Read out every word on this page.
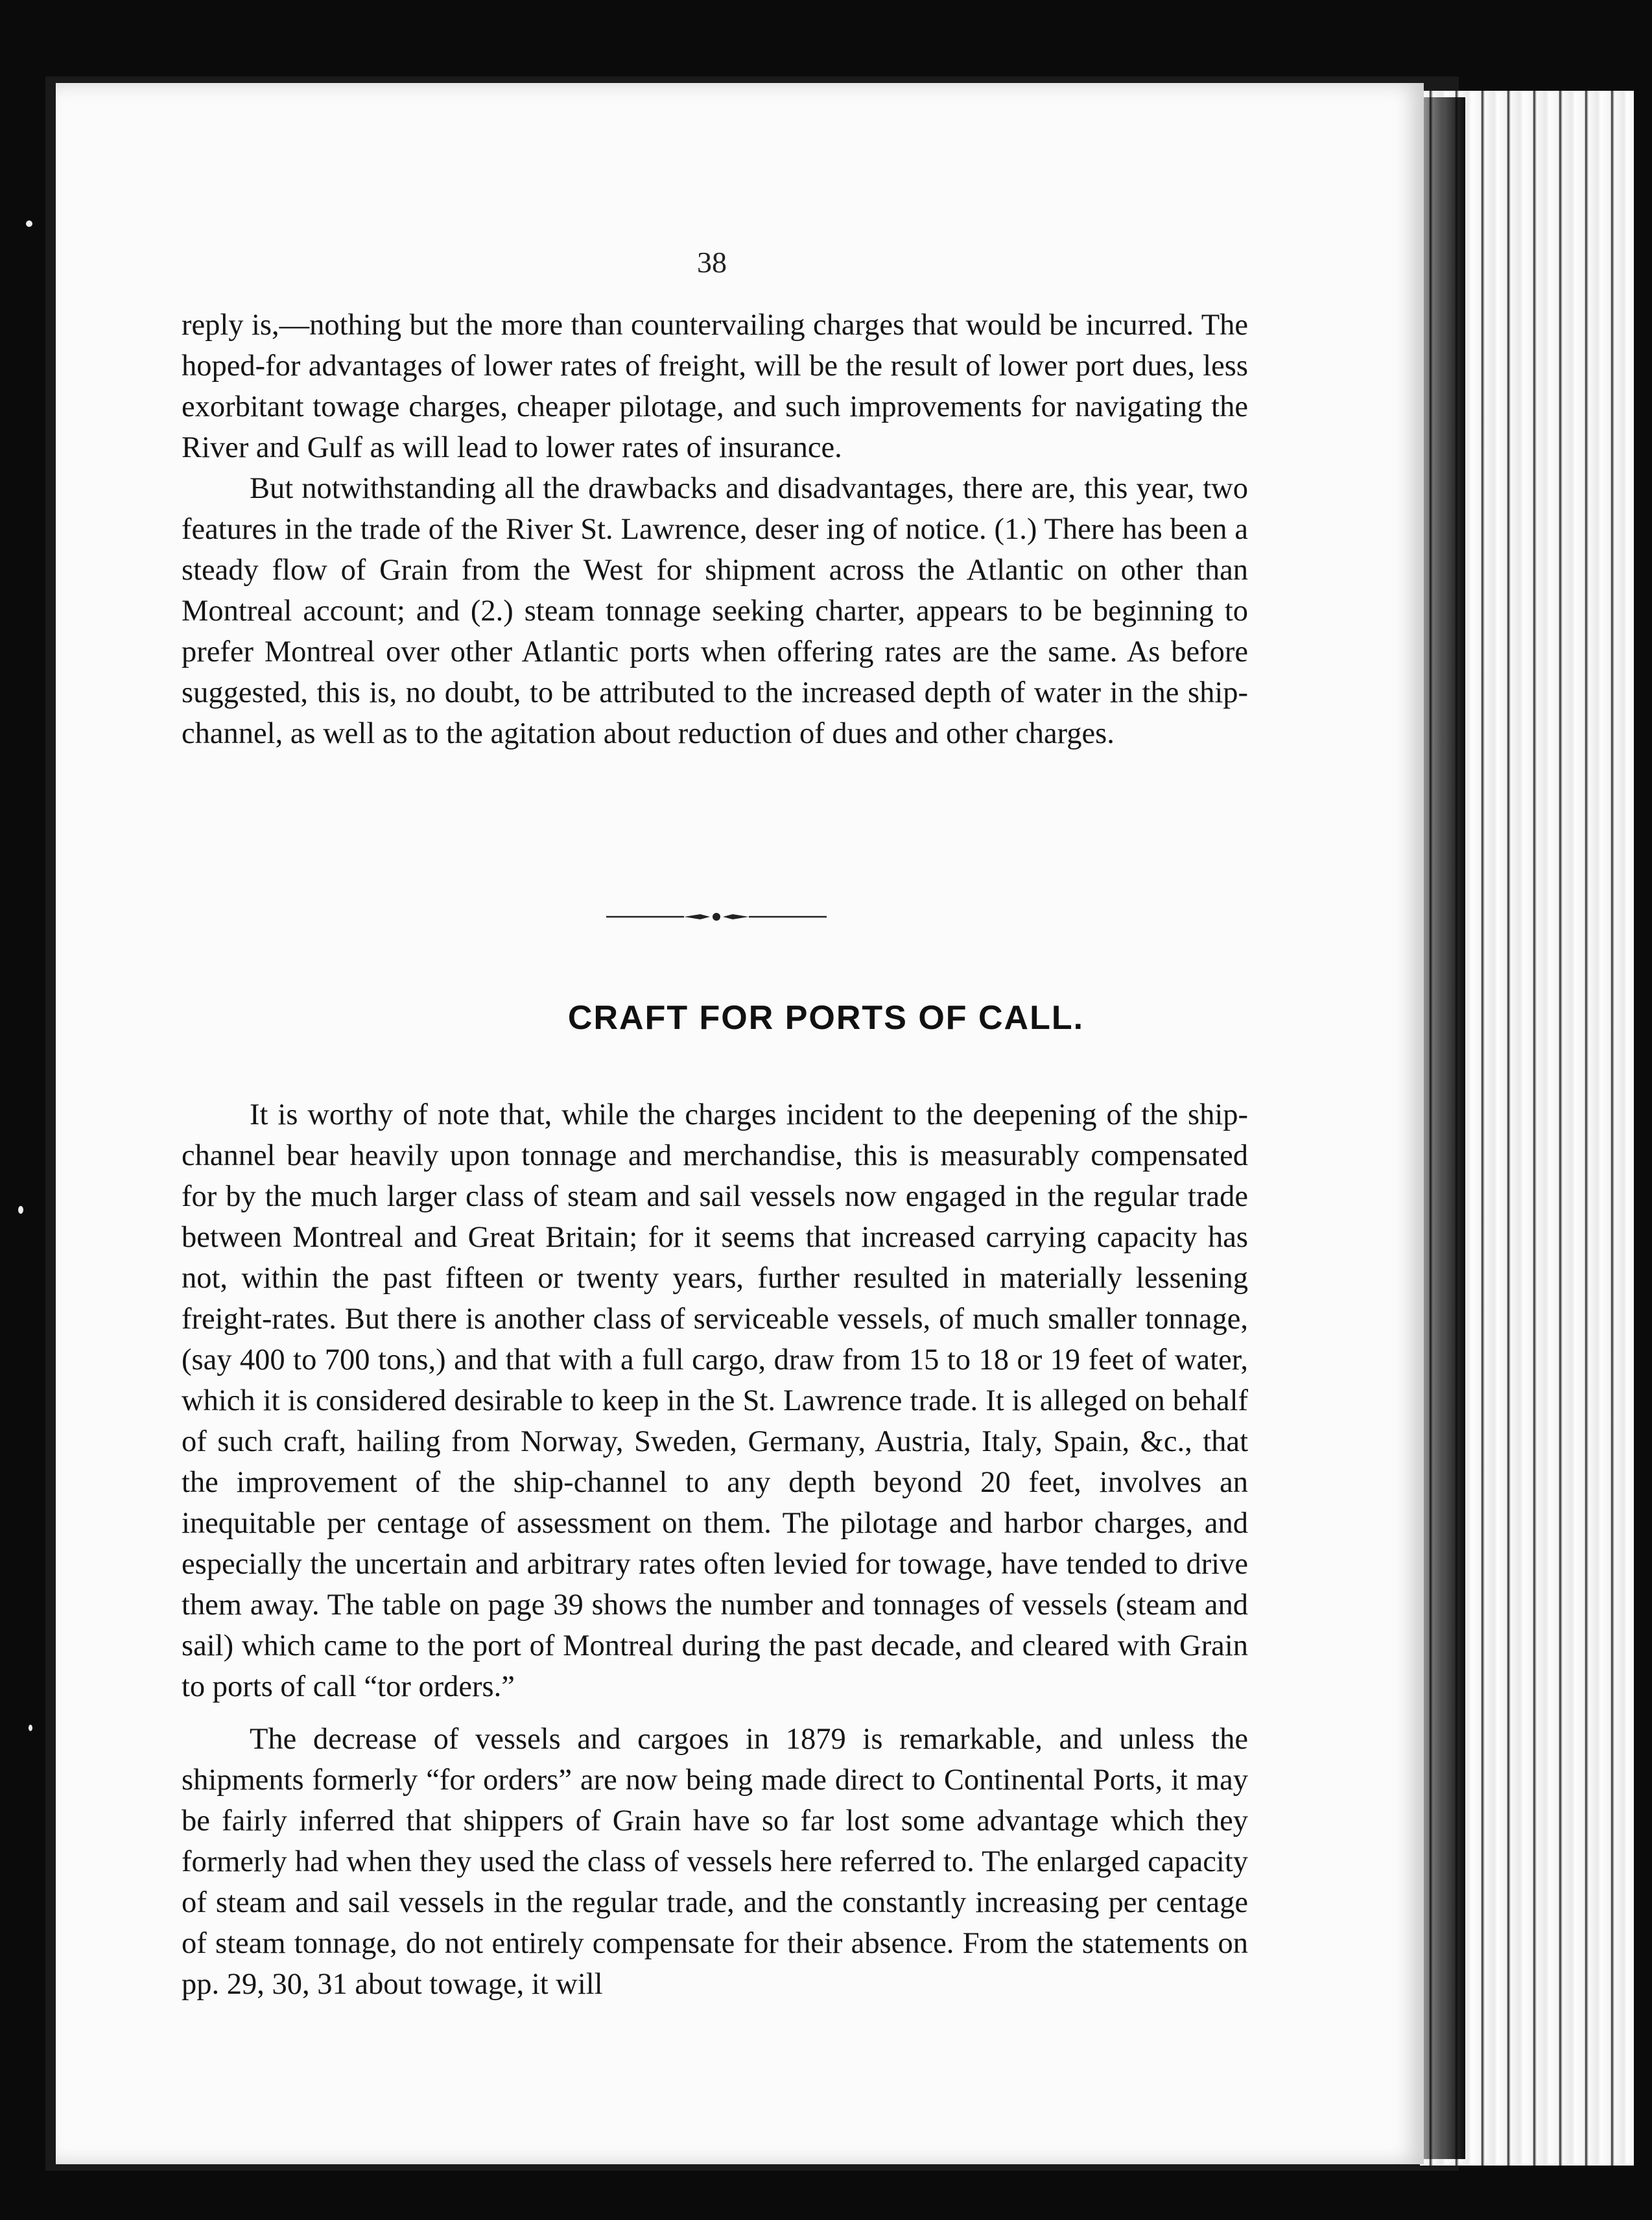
38

reply is,—nothing but the more than countervailing charges that would be incurred. The hoped-for advantages of lower rates of freight, will be the result of lower port dues, less exorbitant towage charges, cheaper pilotage, and such improvements for navigating the River and Gulf as will lead to lower rates of insurance.

But notwithstanding all the drawbacks and disadvantages, there are, this year, two features in the trade of the River St. Lawrence, deser ing of notice. (1.) There has been a steady flow of Grain from the West for shipment across the Atlantic on other than Montreal account; and (2.) steam tonnage seeking charter, appears to be beginning to prefer Montreal over other Atlantic ports when offering rates are the same. As before suggested, this is, no doubt, to be attributed to the increased depth of water in the ship-channel, as well as to the agitation about reduction of dues and other charges.

CRAFT FOR PORTS OF CALL.

It is worthy of note that, while the charges incident to the deepening of the ship-channel bear heavily upon tonnage and merchandise, this is measurably compensated for by the much larger class of steam and sail vessels now engaged in the regular trade between Montreal and Great Britain; for it seems that increased carrying capacity has not, within the past fifteen or twenty years, further resulted in materially lessening freight-rates. But there is another class of serviceable vessels, of much smaller tonnage, (say 400 to 700 tons,) and that with a full cargo, draw from 15 to 18 or 19 feet of water, which it is considered desirable to keep in the St. Lawrence trade. It is alleged on behalf of such craft, hailing from Norway, Sweden, Germany, Austria, Italy, Spain, &c., that the improvement of the ship-channel to any depth beyond 20 feet, involves an inequitable per centage of assessment on them. The pilotage and harbor charges, and especially the uncertain and arbitrary rates often levied for towage, have tended to drive them away. The table on page 39 shows the number and tonnages of vessels (steam and sail) which came to the port of Montreal during the past decade, and cleared with Grain to ports of call “tor orders.”

The decrease of vessels and cargoes in 1879 is remarkable, and unless the shipments formerly “for orders” are now being made direct to Continental Ports, it may be fairly inferred that shippers of Grain have so far lost some advantage which they formerly had when they used the class of vessels here referred to. The enlarged capacity of steam and sail vessels in the regular trade, and the constantly increasing per centage of steam tonnage, do not entirely compensate for their absence. From the statements on pp. 29, 30, 31 about towage, it will
